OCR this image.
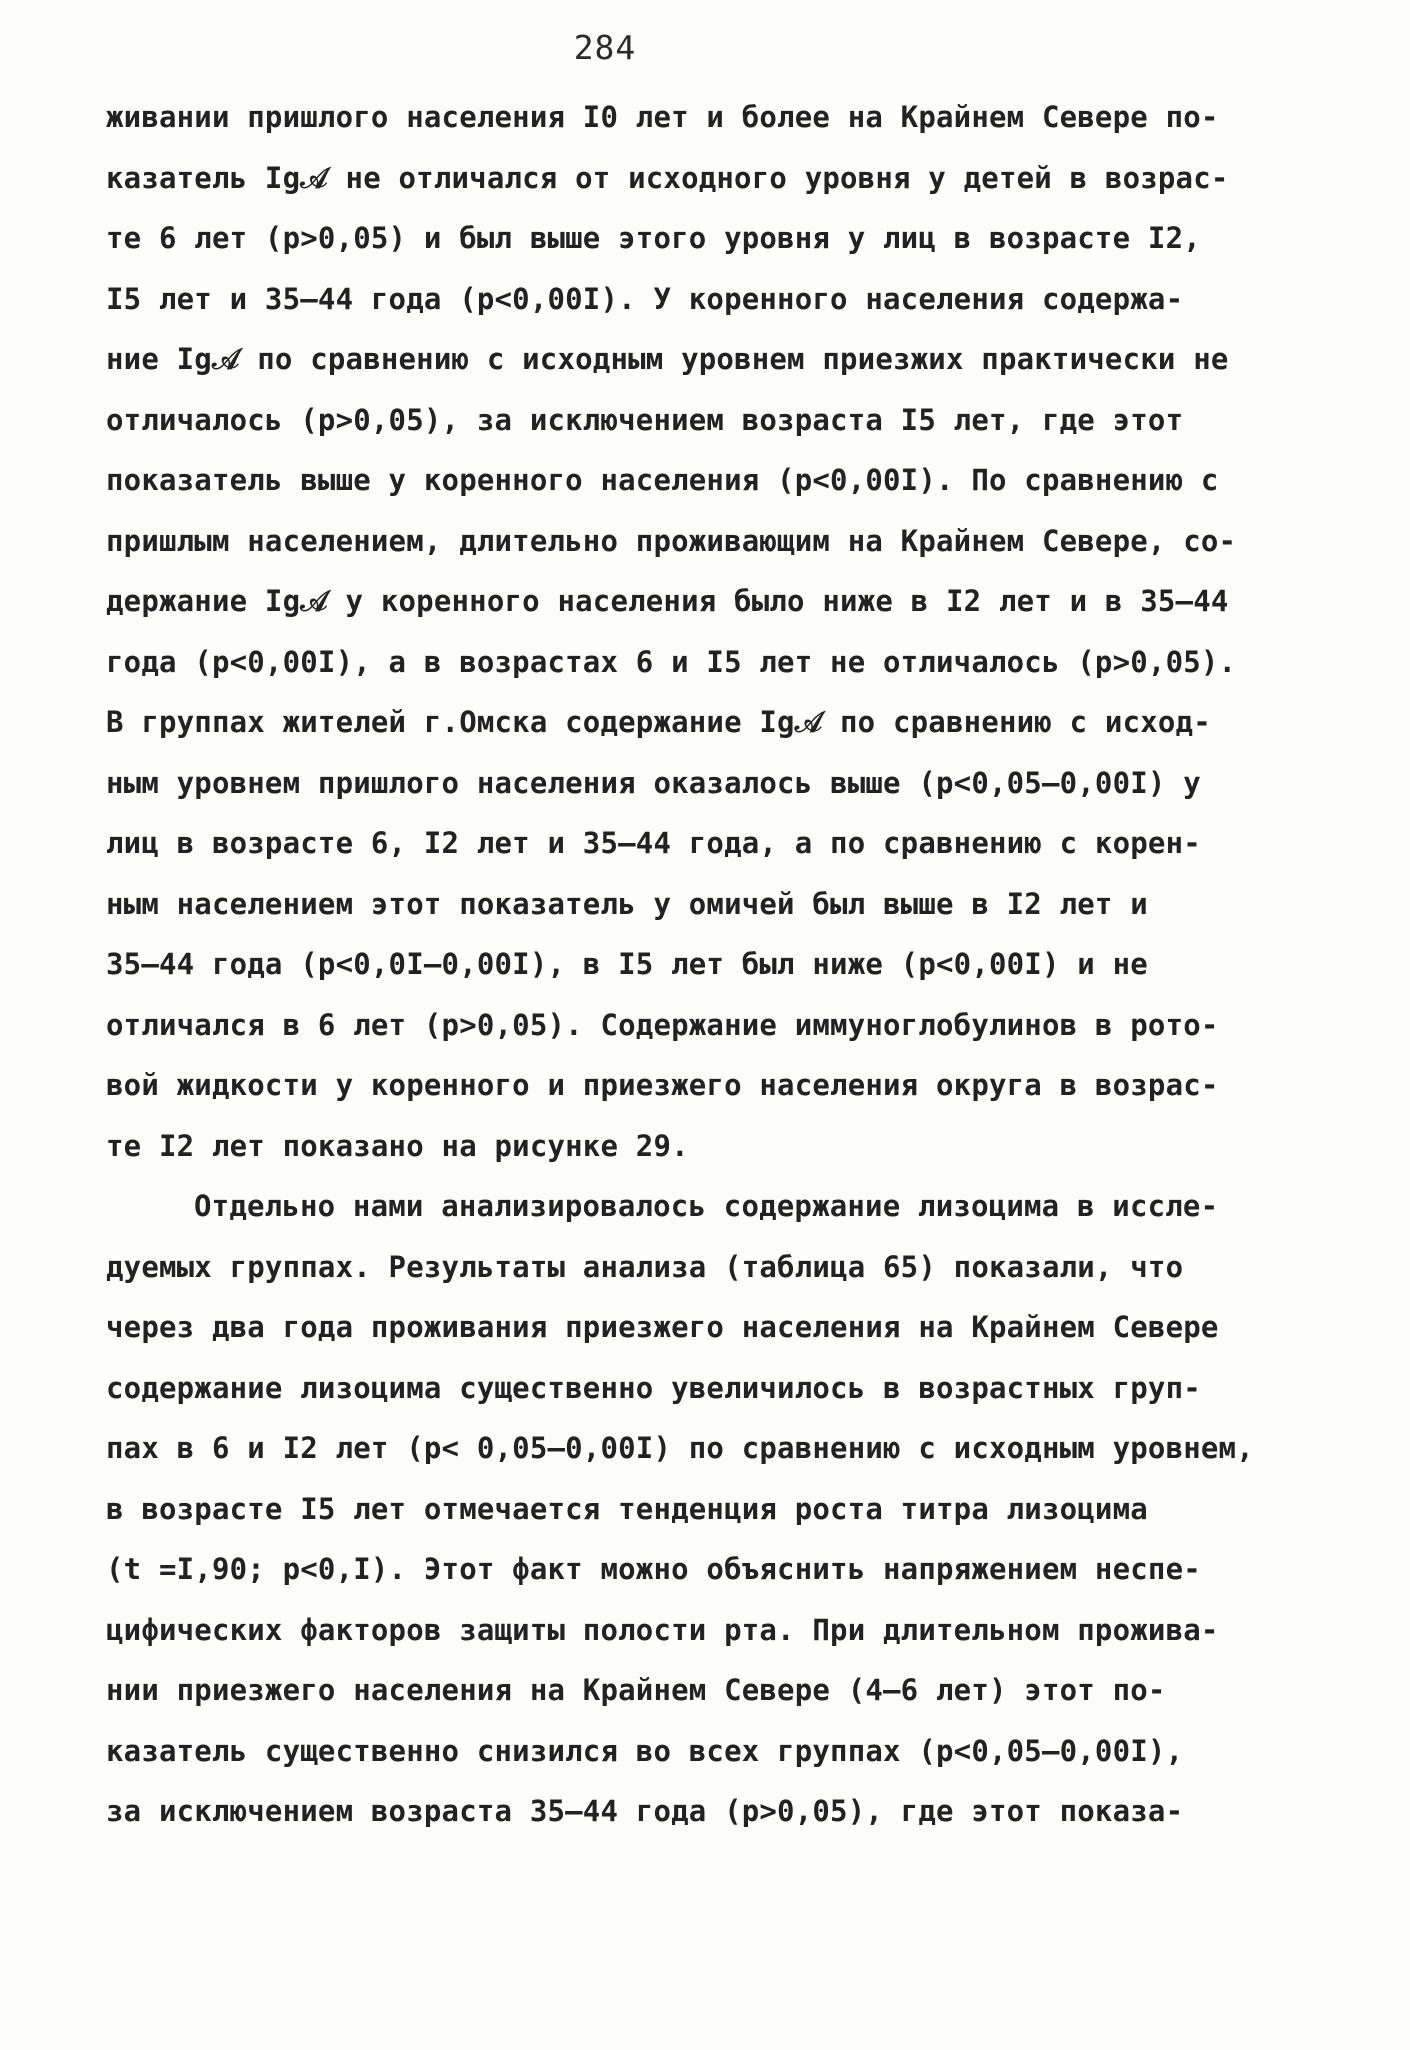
284
живании пришлого населения I0 лет и более на Крайнем Севере по-
казатель Ig𝒜 не отличался от исходного уровня у детей в возрас-
те 6 лет (p>0,05) и был выше этого уровня у лиц в возрасте I2,
I5 лет и 35–44 года (p<0,00I). У коренного населения содержа-
ние Ig𝒜 по сравнению с исходным уровнем приезжих практически не
отличалось (p>0,05), за исключением возраста I5 лет, где этот
показатель выше у коренного населения (p<0,00I). По сравнению с
пришлым населением, длительно проживающим на Крайнем Севере, со-
держание Ig𝒜 у коренного населения было ниже в I2 лет и в 35–44
года (p<0,00I), а в возрастах 6 и I5 лет не отличалось (p>0,05).
В группах жителей г.Омска содержание Ig𝒜 по сравнению с исход-
ным уровнем пришлого населения оказалось выше (p<0,05–0,00I) у
лиц в возрасте 6, I2 лет и 35–44 года, а по сравнению с корен-
ным населением этот показатель у омичей был выше в I2 лет и
35–44 года (p<0,0I–0,00I), в I5 лет был ниже (p<0,00I) и не
отличался в 6 лет (p>0,05). Содержание иммуноглобулинов в рото-
вой жидкости у коренного и приезжего населения округа в возрас-
те I2 лет показано на рисунке 29.
Отдельно нами анализировалось содержание лизоцима в иссле-
дуемых группах. Результаты анализа (таблица 65) показали, что
через два года проживания приезжего населения на Крайнем Севере
содержание лизоцима существенно увеличилось в возрастных груп-
пах в 6 и I2 лет (p< 0,05–0,00I) по сравнению с исходным уровнем,
в возрасте I5 лет отмечается тенденция роста титра лизоцима
(t =I,90; p<0,I). Этот факт можно объяснить напряжением неспе-
цифических факторов защиты полости рта. При длительном прожива-
нии приезжего населения на Крайнем Севере (4–6 лет) этот по-
казатель существенно снизился во всех группах (p<0,05–0,00I),
за исключением возраста 35–44 года (p>0,05), где этот показа-
